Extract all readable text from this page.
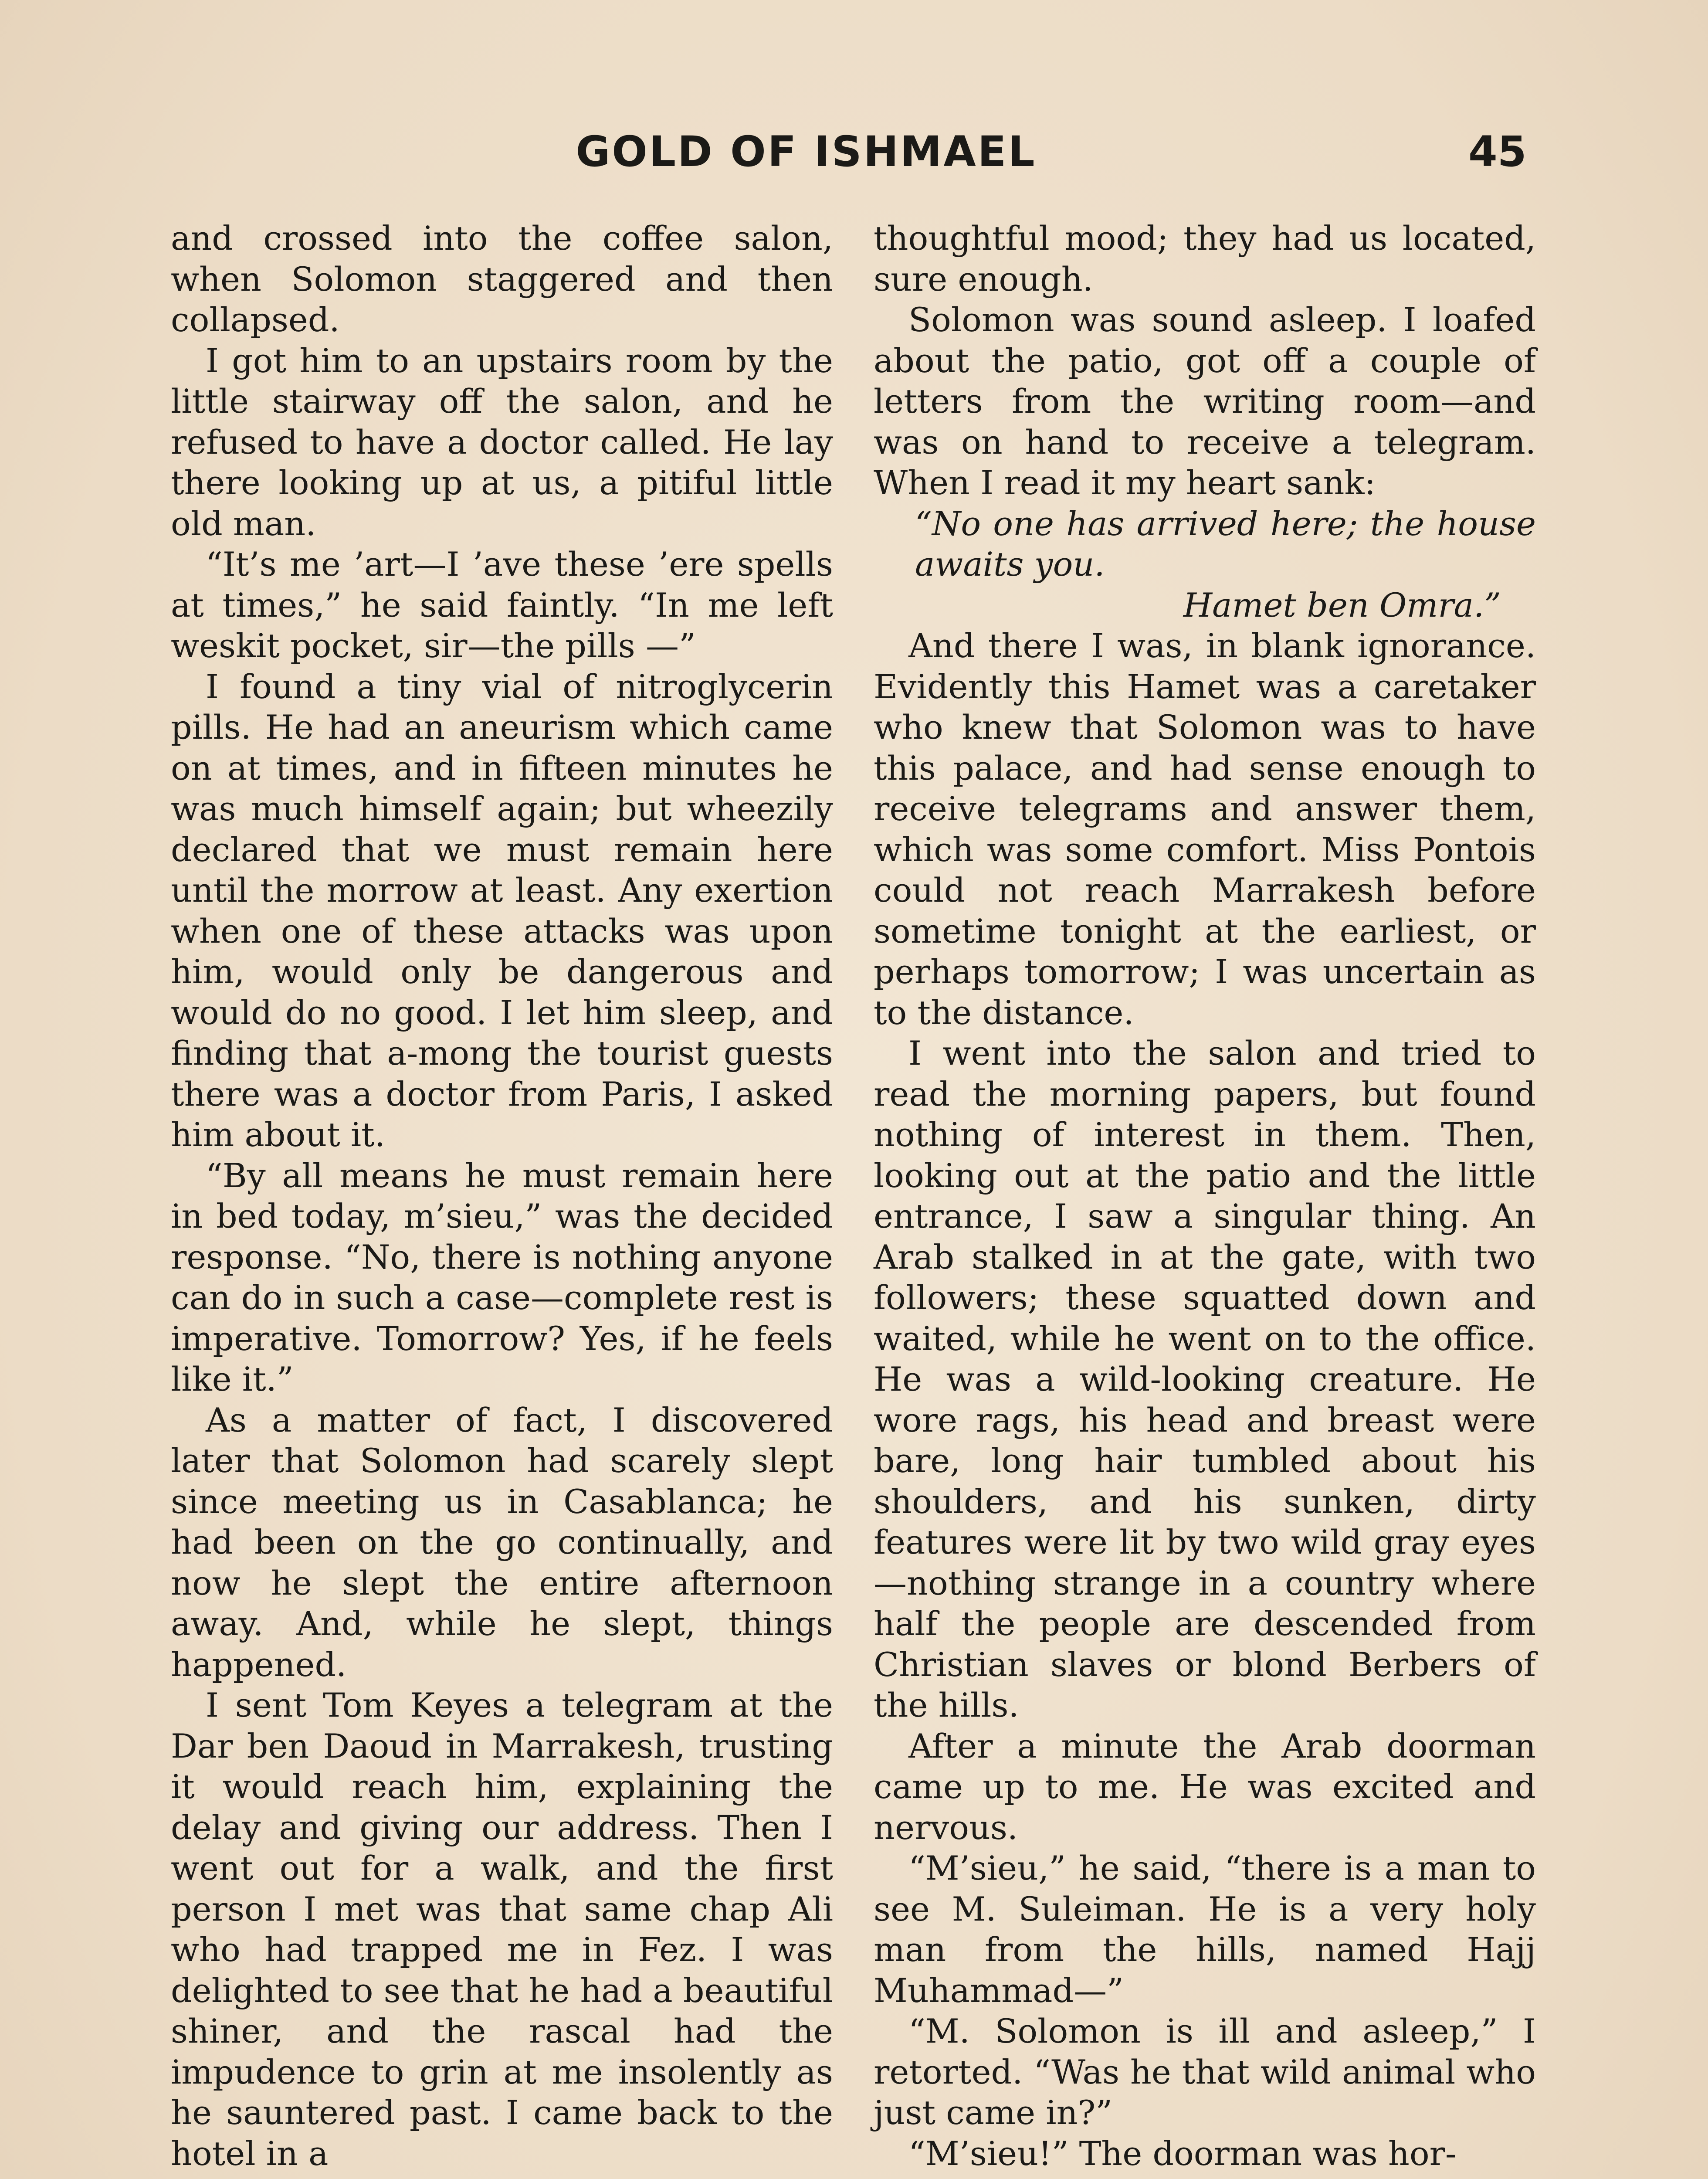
GOLD OF ISHMAEL	45

and crossed into the coffee salon, when Solomon staggered and then collapsed.

I got him to an upstairs room by the little stairway off the salon, and he refused to have a doctor called. He lay there looking up at us, a pitiful little old man.

“It’s me ’art—I ’ave these ’ere spells at times,” he said faintly. “In me left weskit pocket, sir—the pills —”

I found a tiny vial of nitroglycerin pills. He had an aneurism which came on at times, and in fifteen minutes he was much himself again; but wheezily declared that we must remain here until the morrow at least. Any exertion when one of these attacks was upon him, would only be dangerous and would do no good. I let him sleep, and finding that a-mong the tourist guests there was a doctor from Paris, I asked him about it.

“By all means he must remain here in bed today, m’sieu,” was the decided response. “No, there is nothing anyone can do in such a case—complete rest is imperative. Tomorrow? Yes, if he feels like it.”

As a matter of fact, I discovered later that Solomon had scarely slept since meeting us in Casablanca; he had been on the go continually, and now he slept the entire afternoon away. And, while he slept, things happened.

I sent Tom Keyes a telegram at the Dar ben Daoud in Marrakesh, trusting it would reach him, explaining the delay and giving our address. Then I went out for a walk, and the first person I met was that same chap Ali who had trapped me in Fez. I was delighted to see that he had a beautiful shiner, and the rascal had the impudence to grin at me insolently as he sauntered past. I came back to the hotel in a

thoughtful mood; they had us located, sure enough.

Solomon was sound asleep. I loafed about the patio, got off a couple of letters from the writing room—and was on hand to receive a telegram. When I read it my heart sank:

“No one has arrived here; the house awaits you.

Hamet ben Omra.”

And there I was, in blank ignorance. Evidently this Hamet was a caretaker who knew that Solomon was to have this palace, and had sense enough to receive telegrams and answer them, which was some comfort. Miss Pontois could not reach Marrakesh before sometime tonight at the earliest, or perhaps tomorrow; I was uncertain as to the distance.

I went into the salon and tried to read the morning papers, but found nothing of interest in them. Then, looking out at the patio and the little entrance, I saw a singular thing. An Arab stalked in at the gate, with two followers; these squatted down and waited, while he went on to the office. He was a wild-looking creature. He wore rags, his head and breast were bare, long hair tumbled about his shoulders, and his sunken, dirty features were lit by two wild gray eyes—nothing strange in a country where half the people are descended from Christian slaves or blond Berbers of the hills.

After a minute the Arab doorman came up to me. He was excited and nervous.

“M’sieu,” he said, “there is a man to see M. Suleiman. He is a very holy man from the hills, named Hajj Muhammad—”

“M. Solomon is ill and asleep,” I retorted. “Was he that wild animal who just came in?”

“M’sieu!” The doorman was hor-
